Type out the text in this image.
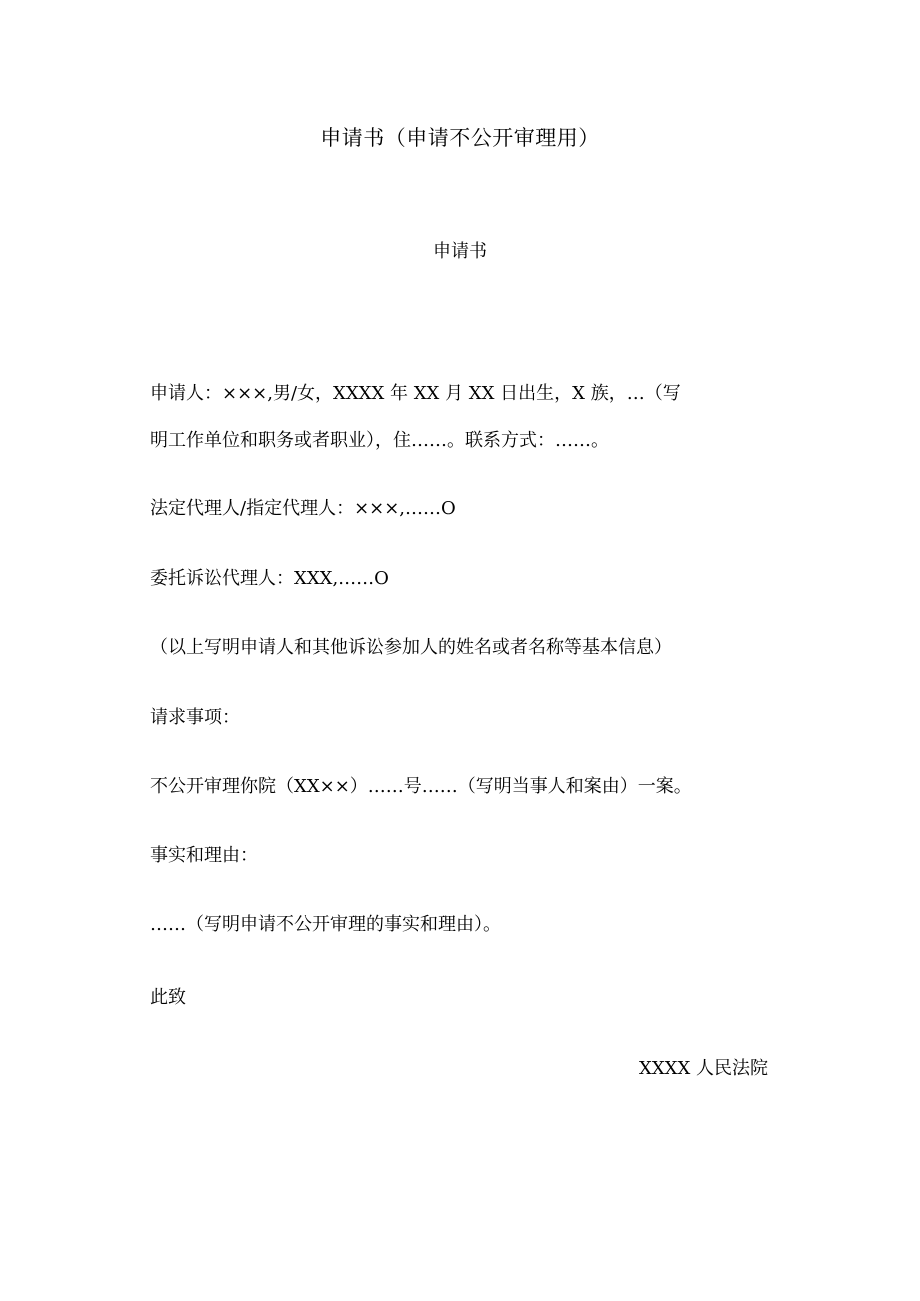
申请书（申请不公开审理用）
申请书
申请人：×××,男/女，XXXX 年 XX 月 XX 日出生，X 族，…（写
明工作单位和职务或者职业），住……。联系方式：……。
法定代理人/指定代理人：×××,……O
委托诉讼代理人：XXX,……O
（以上写明申请人和其他诉讼参加人的姓名或者名称等基本信息）
请求事项：
不公开审理你院（XX××）……号……（写明当事人和案由）一案。
事实和理由：
……（写明申请不公开审理的事实和理由）。
此致
XXXX 人民法院
